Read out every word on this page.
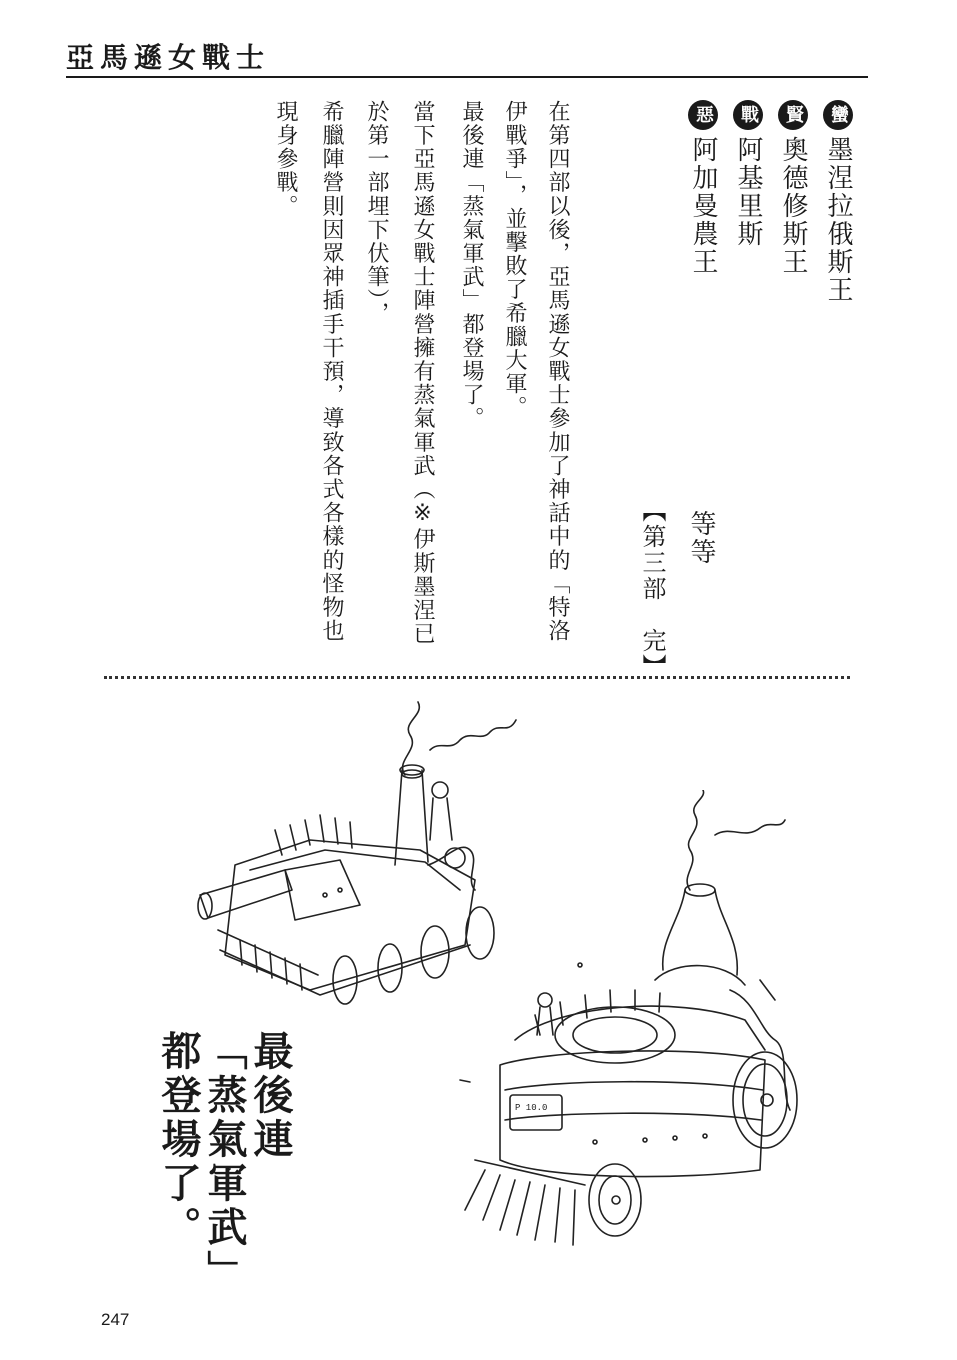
亞馬遜女戰士
蠻墨涅拉俄斯王
賢奧德修斯王
戰阿基里斯
惡阿加曼農王
等等
【第三部　完】
在第四部以後，亞馬遜女戰士參加了神話中的「特洛
伊戰爭」，並擊敗了希臘大軍。
最後連「蒸氣軍武」都登場了。
當下亞馬遜女戰士陣營擁有蒸氣軍武（※伊斯墨涅已
於第一部埋下伏筆），
希臘陣營則因眾神插手干預，導致各式各樣的怪物也
現身參戰。
P 10.0
最後連
「蒸氣軍武」
都登場了。
247
